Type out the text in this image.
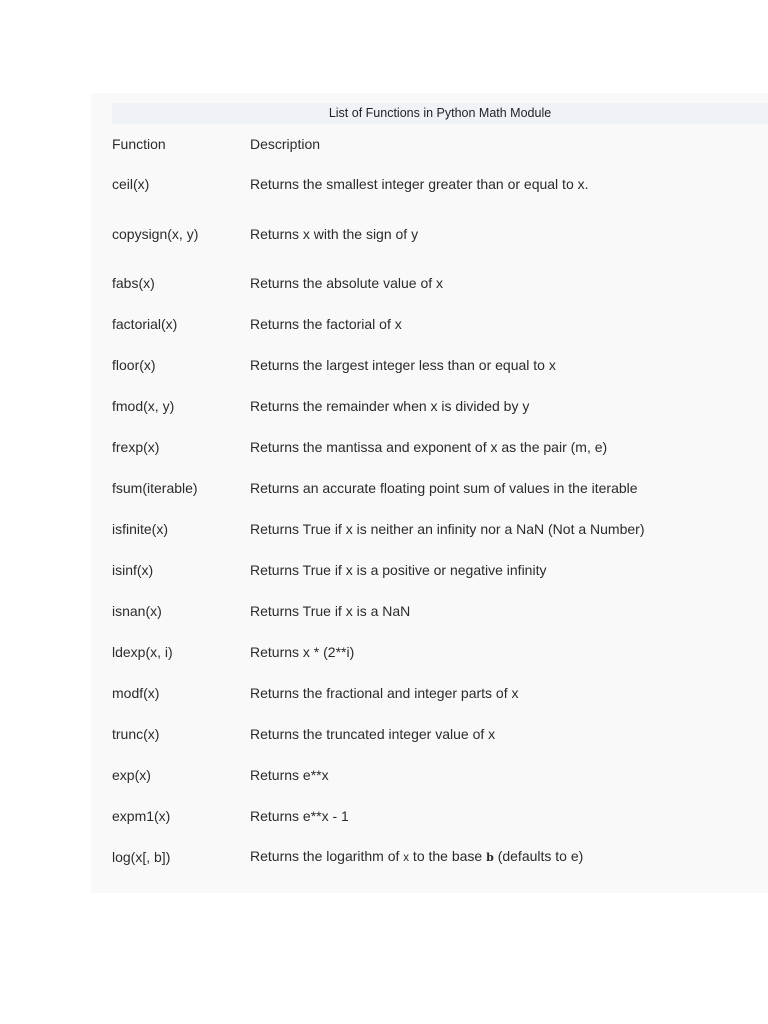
List of Functions in Python Math Module
Function	Description
ceil(x)	Returns the smallest integer greater than or equal to x.
copysign(x, y)	Returns x with the sign of y
fabs(x)	Returns the absolute value of x
factorial(x)	Returns the factorial of x
floor(x)	Returns the largest integer less than or equal to x
fmod(x, y)	Returns the remainder when x is divided by y
frexp(x)	Returns the mantissa and exponent of x as the pair (m, e)
fsum(iterable)	Returns an accurate floating point sum of values in the iterable
isfinite(x)	Returns True if x is neither an infinity nor a NaN (Not a Number)
isinf(x)	Returns True if x is a positive or negative infinity
isnan(x)	Returns True if x is a NaN
ldexp(x, i)	Returns x * (2**i)
modf(x)	Returns the fractional and integer parts of x
trunc(x)	Returns the truncated integer value of x
exp(x)	Returns e**x
expm1(x)	Returns e**x - 1
log(x[, b])	Returns the logarithm of x to the base b (defaults to e)
